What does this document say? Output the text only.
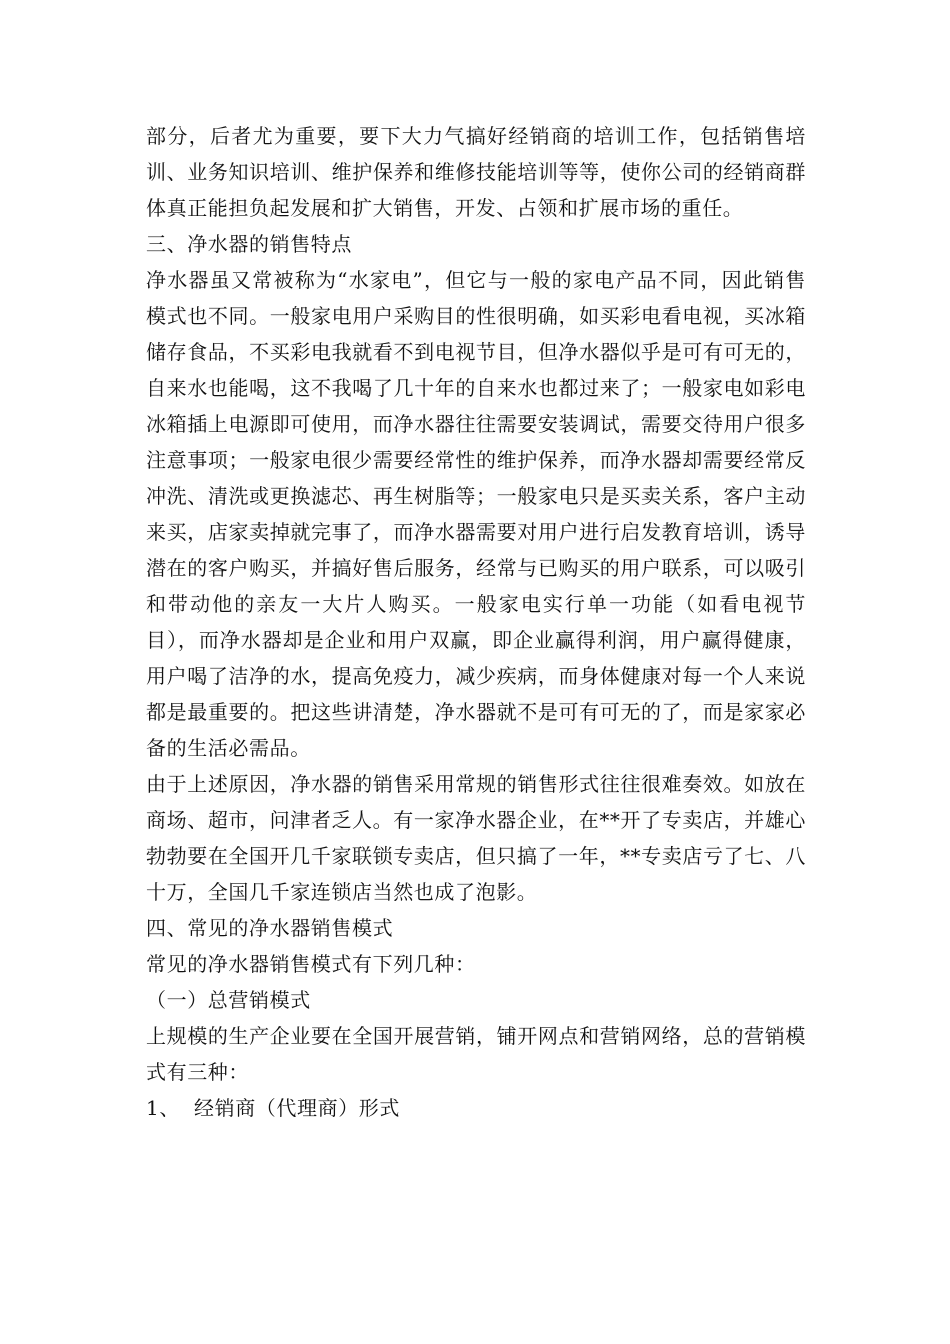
部分，后者尤为重要，要下大力气搞好经销商的培训工作，包括销售培训、业务知识培训、维护保养和维修技能培训等等，使你公司的经销商群体真正能担负起发展和扩大销售，开发、占领和扩展市场的重任。

三、净水器的销售特点

净水器虽又常被称为“水家电”，但它与一般的家电产品不同，因此销售模式也不同。一般家电用户采购目的性很明确，如买彩电看电视，买冰箱储存食品，不买彩电我就看不到电视节目，但净水器似乎是可有可无的，自来水也能喝，这不我喝了几十年的自来水也都过来了；一般家电如彩电冰箱插上电源即可使用，而净水器往往需要安装调试，需要交待用户很多注意事项；一般家电很少需要经常性的维护保养，而净水器却需要经常反冲洗、清洗或更换滤芯、再生树脂等；一般家电只是买卖关系，客户主动来买，店家卖掉就完事了，而净水器需要对用户进行启发教育培训，诱导潜在的客户购买，并搞好售后服务，经常与已购买的用户联系，可以吸引和带动他的亲友一大片人购买。一般家电实行单一功能（如看电视节目），而净水器却是企业和用户双赢，即企业赢得利润，用户赢得健康，用户喝了洁净的水，提高免疫力，减少疾病，而身体健康对每一个人来说都是最重要的。把这些讲清楚，净水器就不是可有可无的了，而是家家必备的生活必需品。

由于上述原因，净水器的销售采用常规的销售形式往往很难奏效。如放在商场、超市，问津者乏人。有一家净水器企业，在**开了专卖店，并雄心勃勃要在全国开几千家联锁专卖店，但只搞了一年，**专卖店亏了七、八十万，全国几千家连锁店当然也成了泡影。

四、常见的净水器销售模式

常见的净水器销售模式有下列几种：

（一）总营销模式

上规模的生产企业要在全国开展营销，铺开网点和营销网络，总的营销模式有三种：

1、 经销商（代理商）形式
